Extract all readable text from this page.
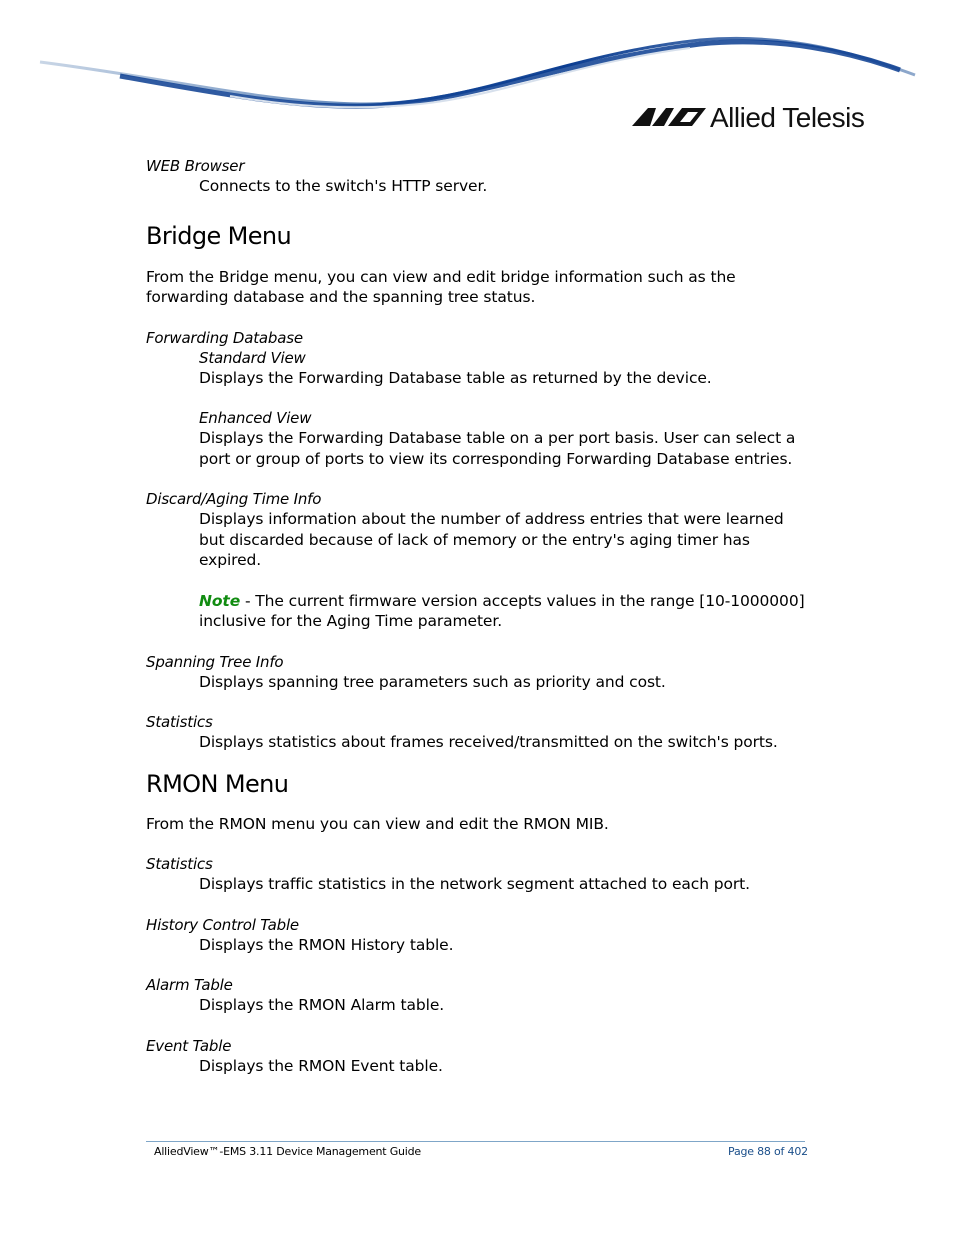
Allied Telesis

WEB Browser

Connects to the switch's HTTP server.

Bridge Menu

From the Bridge menu, you can view and edit bridge information such as the forwarding database and the spanning tree status.

Forwarding Database

Standard View

Displays the Forwarding Database table as returned by the device.

Enhanced View

Displays the Forwarding Database table on a per port basis. User can select a port or group of ports to view its corresponding Forwarding Database entries.

Discard/Aging Time Info

Displays information about the number of address entries that were learned but discarded because of lack of memory or the entry's aging timer has expired.

Note - The current firmware version accepts values in the range [10-1000000] inclusive for the Aging Time parameter.

Spanning Tree Info

Displays spanning tree parameters such as priority and cost.

Statistics

Displays statistics about frames received/transmitted on the switch's ports.

RMON Menu

From the RMON menu you can view and edit the RMON MIB.

Statistics

Displays traffic statistics in the network segment attached to each port.

History Control Table

Displays the RMON History table.

Alarm Table

Displays the RMON Alarm table.

Event Table

Displays the RMON Event table.

AlliedView™-EMS 3.11 Device Management Guide	Page 88 of 402
